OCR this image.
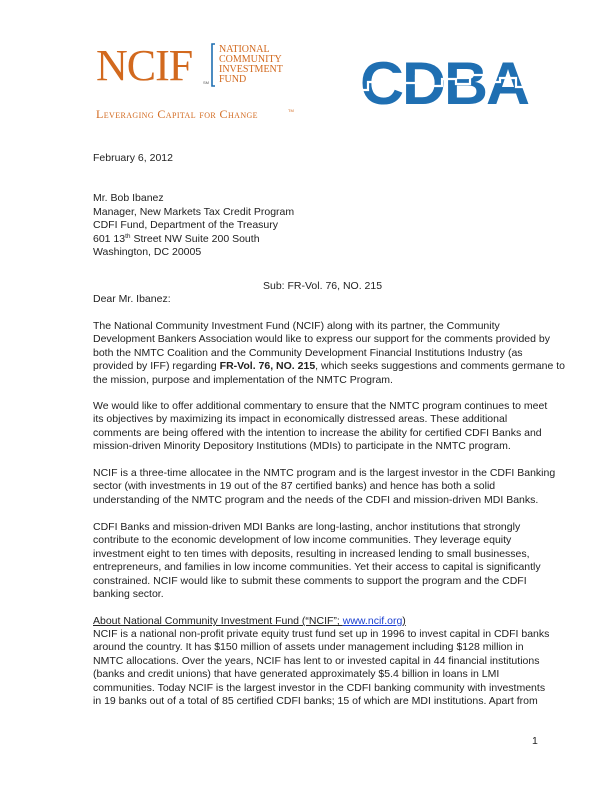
NCIF	SM
NATIONAL
COMMUNITY
INVESTMENT
FUND
Leveraging Capital for Change	TM CDBA
February 6, 2012
Mr. Bob Ibanez
Manager, New Markets Tax Credit Program
CDFI Fund, Department of the Treasury
601 13th Street NW Suite 200 South
Washington, DC 20005
Sub: FR-Vol. 76, NO. 215
Dear Mr. Ibanez:
The National Community Investment Fund (NCIF) along with its partner, the Community
Development Bankers Association would like to express our support for the comments provided by
both the NMTC Coalition and the Community Development Financial Institutions Industry (as
provided by IFF) regarding FR-Vol. 76, NO. 215, which seeks suggestions and comments germane to
the mission, purpose and implementation of the NMTC Program.
We would like to offer additional commentary to ensure that the NMTC program continues to meet
its objectives by maximizing its impact in economically distressed areas. These additional
comments are being offered with the intention to increase the ability for certified CDFI Banks and
mission-driven Minority Depository Institutions (MDIs) to participate in the NMTC program.
NCIF is a three-time allocatee in the NMTC program and is the largest investor in the CDFI Banking
sector (with investments in 19 out of the 87 certified banks) and hence has both a solid
understanding of the NMTC program and the needs of the CDFI and mission-driven MDI Banks.
CDFI Banks and mission-driven MDI Banks are long-lasting, anchor institutions that strongly
contribute to the economic development of low income communities. They leverage equity
investment eight to ten times with deposits, resulting in increased lending to small businesses,
entrepreneurs, and families in low income communities. Yet their access to capital is significantly
constrained. NCIF would like to submit these comments to support the program and the CDFI
banking sector.
About National Community Investment Fund (“NCIF”; www.ncif.org)
NCIF is a national non-profit private equity trust fund set up in 1996 to invest capital in CDFI banks
around the country. It has $150 million of assets under management including $128 million in
NMTC allocations. Over the years, NCIF has lent to or invested capital in 44 financial institutions
(banks and credit unions) that have generated approximately $5.4 billion in loans in LMI
communities. Today NCIF is the largest investor in the CDFI banking community with investments
in 19 banks out of a total of 85 certified CDFI banks; 15 of which are MDI institutions. Apart from
1
